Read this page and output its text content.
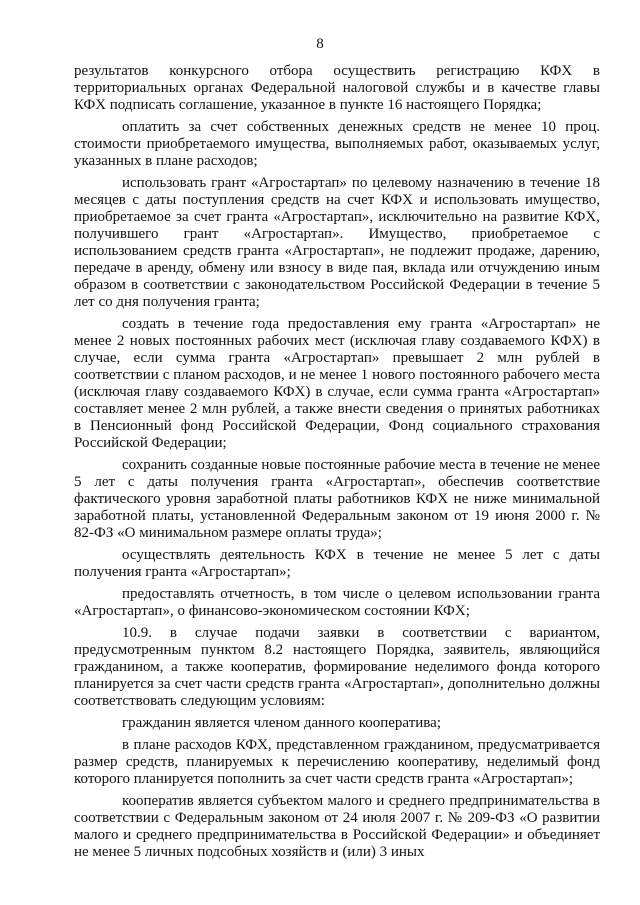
8

результатов конкурсного отбора осуществить регистрацию КФХ в территориальных органах Федеральной налоговой службы и в качестве главы КФХ подписать соглашение, указанное в пункте 16 настоящего Порядка;

оплатить за счет собственных денежных средств не менее 10 проц. стоимости приобретаемого имущества, выполняемых работ, оказываемых услуг, указанных в плане расходов;

использовать грант «Агростартап» по целевому назначению в течение 18 месяцев с даты поступления средств на счет КФХ и использовать имущество, приобретаемое за счет гранта «Агростартап», исключительно на развитие КФХ, получившего грант «Агростартап». Имущество, приобретаемое с использованием средств гранта «Агростартап», не подлежит продаже, дарению, передаче в аренду, обмену или взносу в виде пая, вклада или отчуждению иным образом в соответствии с законодательством Российской Федерации в течение 5 лет со дня получения гранта;

создать в течение года предоставления ему гранта «Агростартап» не менее 2 новых постоянных рабочих мест (исключая главу создаваемого КФХ) в случае, если сумма гранта «Агростартап» превышает 2 млн рублей в соответствии с планом расходов, и не менее 1 нового постоянного рабочего места (исключая главу создаваемого КФХ) в случае, если сумма гранта «Агростартап» составляет менее 2 млн рублей, а также внести сведения о принятых работниках в Пенсионный фонд Российской Федерации, Фонд социального страхования Российской Федерации;

сохранить созданные новые постоянные рабочие места в течение не менее 5 лет с даты получения гранта «Агростартап», обеспечив соответствие фактического уровня заработной платы работников КФХ не ниже минимальной заработной платы, установленной Федеральным законом от 19 июня 2000 г. № 82-ФЗ «О минимальном размере оплаты труда»;

осуществлять деятельность КФХ в течение не менее 5 лет с даты получения гранта «Агростартап»;

предоставлять отчетность, в том числе о целевом использовании гранта «Агростартап», о финансово-экономическом состоянии КФХ;

10.9. в случае подачи заявки в соответствии с вариантом, предусмотренным пунктом 8.2 настоящего Порядка, заявитель, являющийся гражданином, а также кооператив, формирование неделимого фонда которого планируется за счет части средств гранта «Агростартап», дополнительно должны соответствовать следующим условиям:

гражданин является членом данного кооператива;

в плане расходов КФХ, представленном гражданином, предусматривается размер средств, планируемых к перечислению кооперативу, неделимый фонд которого планируется пополнить за счет части средств гранта «Агростартап»;

кооператив является субъектом малого и среднего предпринимательства в соответствии с Федеральным законом от 24 июля 2007 г. № 209-ФЗ «О развитии малого и среднего предпринимательства в Российской Федерации» и объединяет не менее 5 личных подсобных хозяйств и (или) 3 иных
